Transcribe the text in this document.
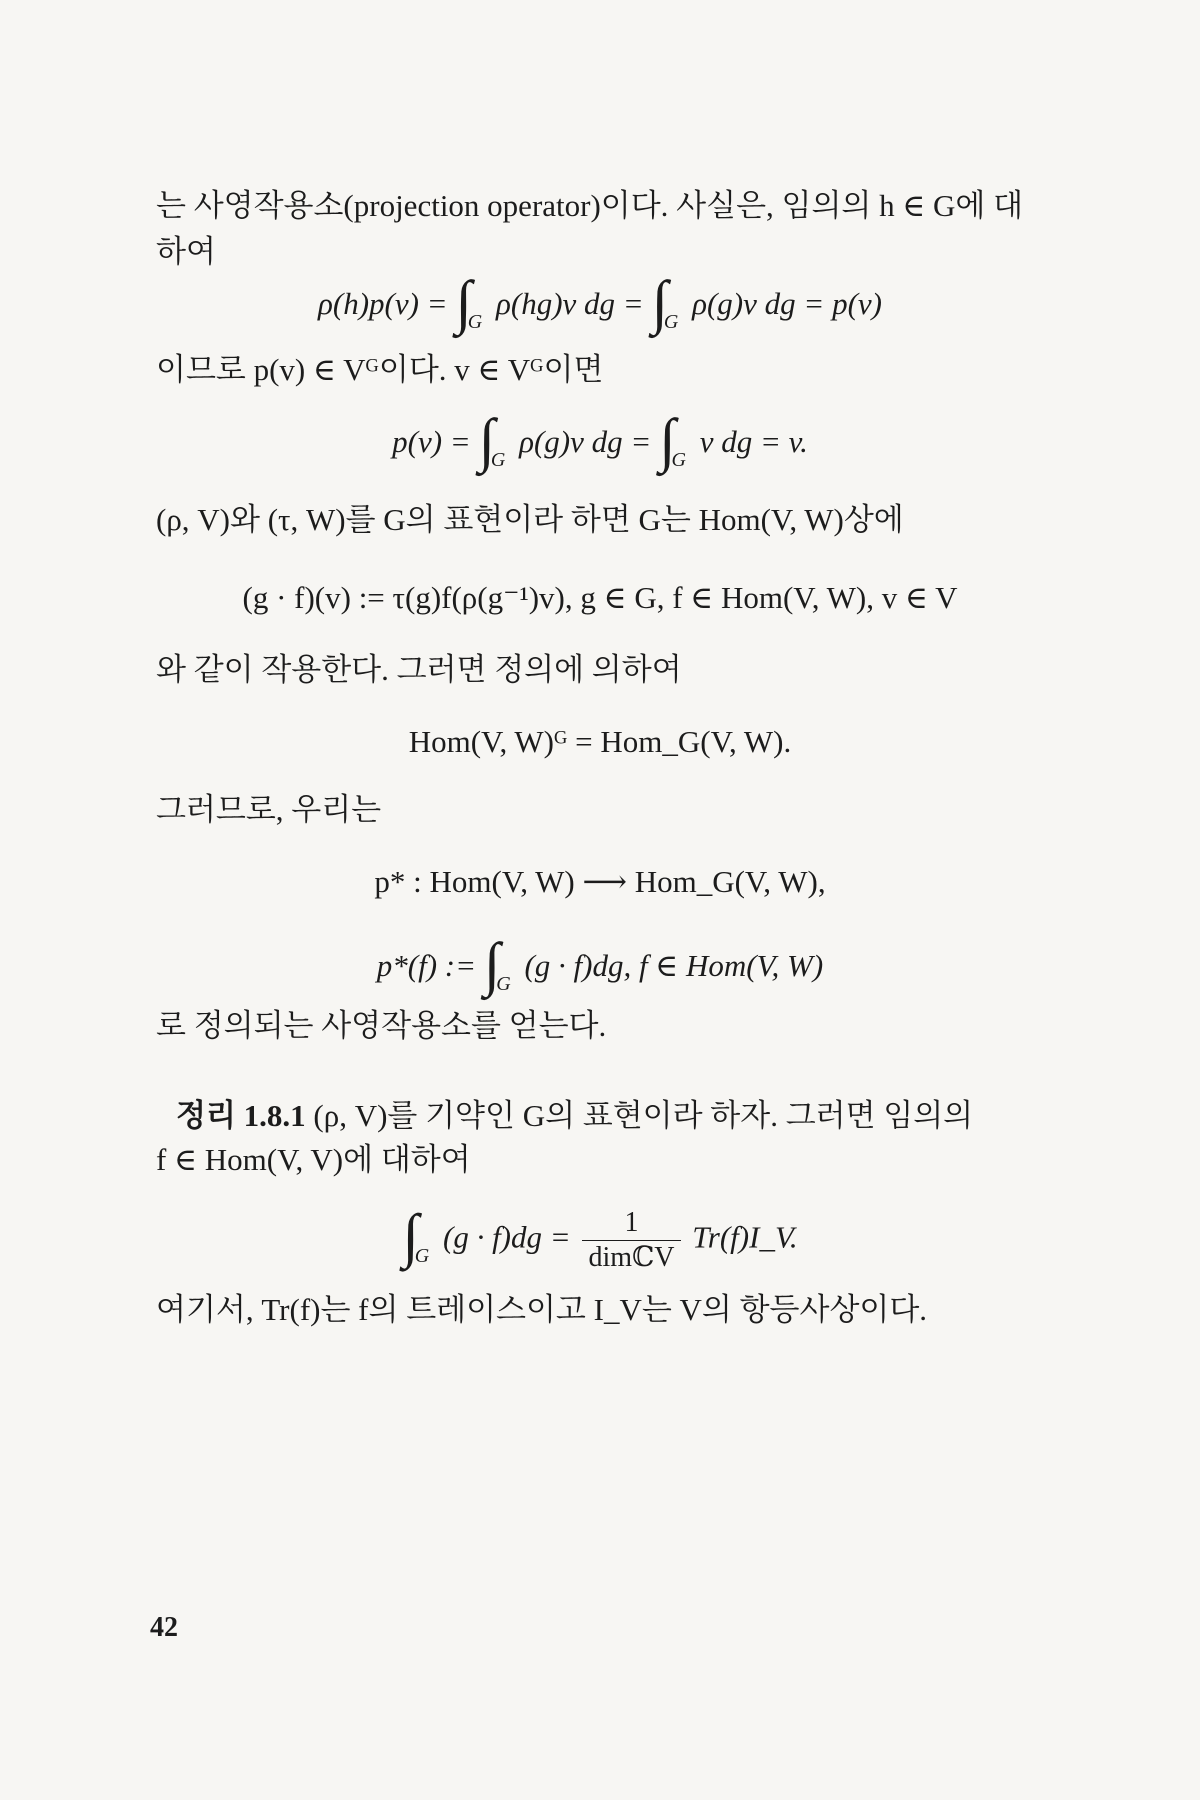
는 사영작용소(projection operator)이다. 사실은, 임의의 h ∈ G에 대
하여
$\rho(h)p(v) = \int_G$ ρ(hg)v dg = $\int_G$ ρ(g)v dg = p(v)
이므로 p(v) ∈ Vᴳ이다. v ∈ Vᴳ이면
$p(v) = \int_G$ ρ(g)v dg = $\int_G$ v dg = v.
(ρ, V)와 (τ, W)를 G의 표현이라 하면 G는 Hom(V, W)상에
(g · f)(v) := τ(g)f(ρ(g⁻¹)v), g ∈ G, f ∈ Hom(V, W), v ∈ V
와 같이 작용한다. 그러면 정의에 의하여
Hom(V, W)ᴳ = Hom_G(V, W).
그러므로, 우리는
p* : Hom(V, W) ⟶ Hom_G(V, W),
p*(f) := $\int_G$ (g · f)dg, f ∈ Hom(V, W)
로 정의되는 사영작용소를 얻는다.
정리 1.8.1 (ρ, V)를 기약인 G의 표현이라 하자. 그러면 임의의
f ∈ Hom(V, V)에 대하여
$\int_G$ $(g \cdot f)dg = \frac{1}{\text{dimℂV}}$ Tr(f)I_V.
여기서, Tr(f)는 f의 트레이스이고 I_V는 V의 항등사상이다.
42
